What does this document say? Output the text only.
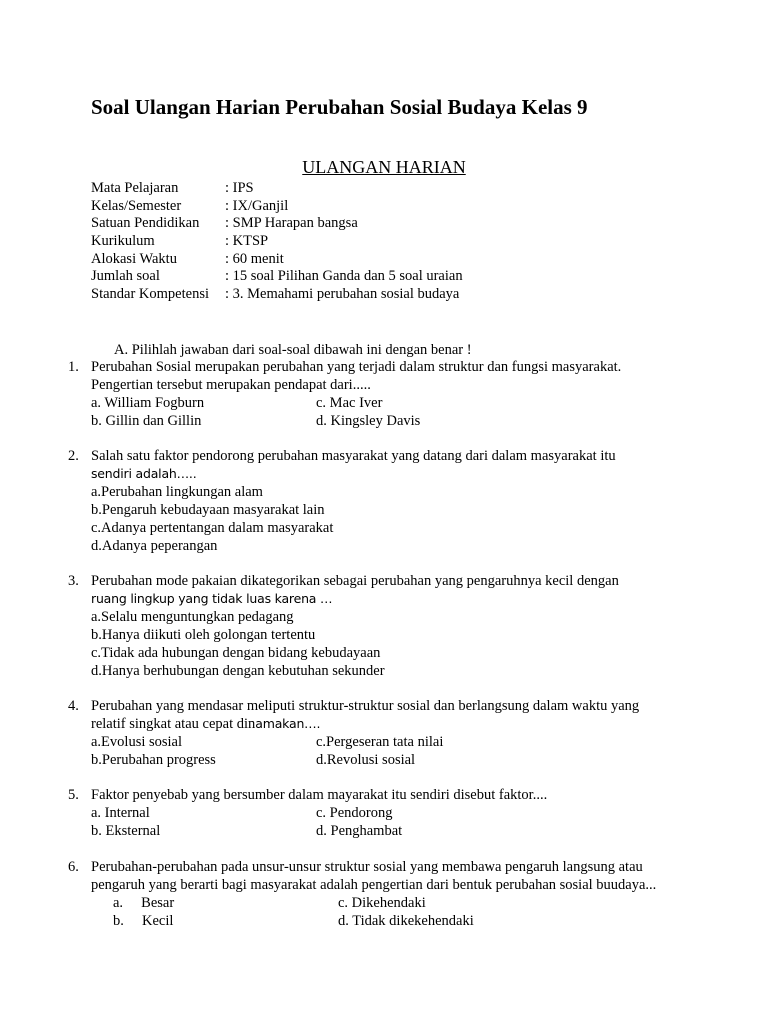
Soal Ulangan Harian Perubahan Sosial Budaya Kelas 9
ULANGAN HARIAN
Mata Pelajaran	: IPS
Kelas/Semester	: IX/Ganjil
Satuan Pendidikan	: SMP Harapan bangsa
Kurikulum	: KTSP
Alokasi Waktu	: 60 menit
Jumlah soal	: 15 soal Pilihan Ganda dan 5 soal uraian
Standar Kompetensi	: 3. Memahami perubahan sosial budaya
A. Pilihlah jawaban dari soal-soal dibawah ini dengan benar !
1. Perubahan Sosial merupakan perubahan yang terjadi dalam struktur dan fungsi masyarakat.
Pengertian tersebut merupakan pendapat dari.....
a. William Fogburn	c. Mac Iver
b. Gillin dan Gillin	d. Kingsley Davis
2. Salah satu faktor pendorong perubahan masyarakat yang datang dari dalam masyarakat itu
sendiri adalah…..
a.Perubahan lingkungan alam
b.Pengaruh kebudayaan masyarakat lain
c.Adanya pertentangan dalam masyarakat
d.Adanya peperangan
3. Perubahan mode pakaian dikategorikan sebagai perubahan yang pengaruhnya kecil dengan
ruang lingkup yang tidak luas karena …
a.Selalu menguntungkan pedagang
b.Hanya diikuti oleh golongan tertentu
c.Tidak ada hubungan dengan bidang kebudayaan
d.Hanya berhubungan dengan kebutuhan sekunder
4. Perubahan yang mendasar meliputi struktur-struktur sosial dan berlangsung dalam waktu yang
relatif singkat atau cepat dinamakan….
a.Evolusi sosial	c.Pergeseran tata nilai
b.Perubahan progress	d.Revolusi sosial
5. Faktor penyebab yang bersumber dalam mayarakat itu sendiri disebut faktor....
a. Internal	c. Pendorong
b. Eksternal	d. Penghambat
6. Perubahan-perubahan pada unsur-unsur struktur sosial yang membawa pengaruh langsung atau
pengaruh yang berarti bagi masyarakat adalah pengertian dari bentuk perubahan sosial buudaya...
a.     Besar	c. Dikehendaki
b.     Kecil	d. Tidak dikekehendaki
